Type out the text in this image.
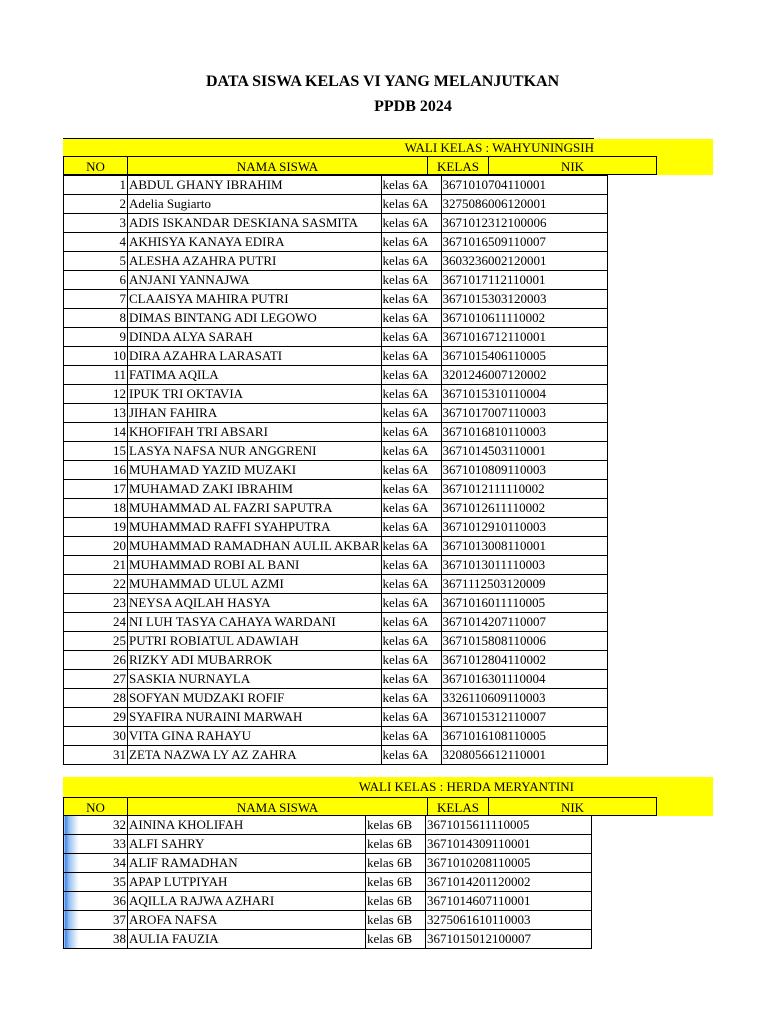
DATA SISWA KELAS VI YANG MELANJUTKAN
PPDB 2024
WALI KELAS : WAHYUNINGSIH
NO	NAMA SISWA	KELAS	NIK
1	ABDUL GHANY IBRAHIM	kelas 6A	3671010704110001
2	Adelia Sugiarto	kelas 6A	3275086006120001
3	ADIS ISKANDAR DESKIANA SASMITA	kelas 6A	3671012312100006
4	AKHISYA KANAYA EDIRA	kelas 6A	3671016509110007
5	ALESHA AZAHRA PUTRI	kelas 6A	3603236002120001
6	ANJANI YANNAJWA	kelas 6A	3671017112110001
7	CLAAISYA MAHIRA PUTRI	kelas 6A	3671015303120003
8	DIMAS BINTANG ADI LEGOWO	kelas 6A	3671010611110002
9	DINDA ALYA SARAH	kelas 6A	3671016712110001
10	DIRA AZAHRA LARASATI	kelas 6A	3671015406110005
11	FATIMA AQILA	kelas 6A	3201246007120002
12	IPUK TRI OKTAVIA	kelas 6A	3671015310110004
13	JIHAN FAHIRA	kelas 6A	3671017007110003
14	KHOFIFAH TRI ABSARI	kelas 6A	3671016810110003
15	LASYA NAFSA NUR ANGGRENI	kelas 6A	3671014503110001
16	MUHAMAD YAZID MUZAKI	kelas 6A	3671010809110003
17	MUHAMAD ZAKI IBRAHIM	kelas 6A	3671012111110002
18	MUHAMMAD AL FAZRI SAPUTRA	kelas 6A	3671012611110002
19	MUHAMMAD RAFFI SYAHPUTRA	kelas 6A	3671012910110003
20	MUHAMMAD RAMADHAN AULIL AKBAR	kelas 6A	3671013008110001
21	MUHAMMAD ROBI AL BANI	kelas 6A	3671013011110003
22	MUHAMMAD ULUL AZMI	kelas 6A	3671112503120009
23	NEYSA AQILAH HASYA	kelas 6A	3671016011110005
24	NI LUH TASYA CAHAYA WARDANI	kelas 6A	3671014207110007
25	PUTRI ROBIATUL ADAWIAH	kelas 6A	3671015808110006
26	RIZKY ADI MUBARROK	kelas 6A	3671012804110002
27	SASKIA NURNAYLA	kelas 6A	3671016301110004
28	SOFYAN MUDZAKI ROFIF	kelas 6A	3326110609110003
29	SYAFIRA NURAINI MARWAH	kelas 6A	3671015312110007
30	VITA GINA RAHAYU	kelas 6A	3671016108110005
31	ZETA NAZWA LY AZ ZAHRA	kelas 6A	3208056612110001
WALI KELAS : HERDA MERYANTINI
NO	NAMA SISWA	KELAS	NIK
32	AININA KHOLIFAH	kelas 6B	3671015611110005
33	ALFI SAHRY	kelas 6B	3671014309110001
34	ALIF RAMADHAN	kelas 6B	3671010208110005
35	APAP LUTPIYAH	kelas 6B	3671014201120002
36	AQILLA RAJWA AZHARI	kelas 6B	3671014607110001
37	AROFA NAFSA	kelas 6B	3275061610110003
38	AULIA FAUZIA	kelas 6B	3671015012100007
